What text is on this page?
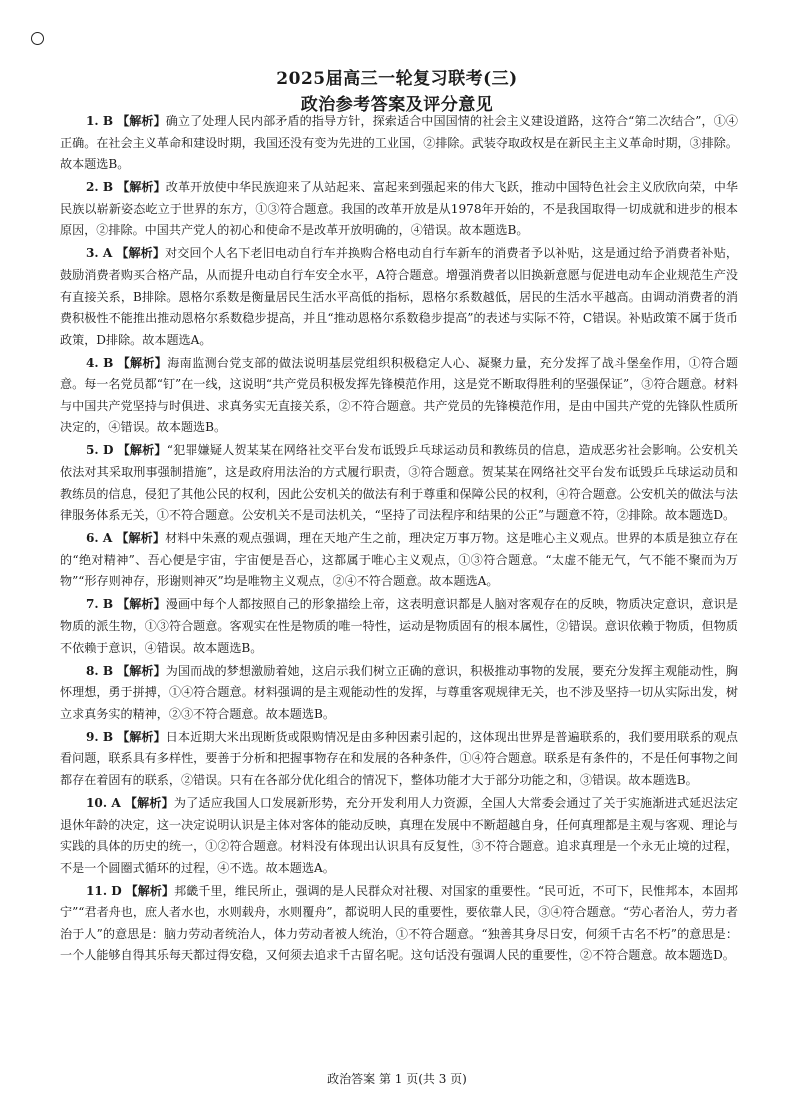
2025届高三一轮复习联考(三)
政治参考答案及评分意见

1. B 【解析】确立了处理人民内部矛盾的指导方针，探索适合中国国情的社会主义建设道路，这符合“第二次结合”，①④正确。在社会主义革命和建设时期，我国还没有变为先进的工业国，②排除。武装夺取政权是在新民主主义革命时期，③排除。故本题选B。

2. B 【解析】改革开放使中华民族迎来了从站起来、富起来到强起来的伟大飞跃，推动中国特色社会主义欣欣向荣，中华民族以崭新姿态屹立于世界的东方，①③符合题意。我国的改革开放是从1978年开始的，不是我国取得一切成就和进步的根本原因，②排除。中国共产党人的初心和使命不是改革开放明确的，④错误。故本题选B。

3. A 【解析】对交回个人名下老旧电动自行车并换购合格电动自行车新车的消费者予以补贴，这是通过给予消费者补贴，鼓励消费者购买合格产品，从而提升电动自行车安全水平，A符合题意。增强消费者以旧换新意愿与促进电动车企业规范生产没有直接关系，B排除。恩格尔系数是衡量居民生活水平高低的指标，恩格尔系数越低，居民的生活水平越高。由调动消费者的消费积极性不能推出推动恩格尔系数稳步提高，并且“推动恩格尔系数稳步提高”的表述与实际不符，C错误。补贴政策不属于货币政策，D排除。故本题选A。

4. B 【解析】海南监测台党支部的做法说明基层党组织积极稳定人心、凝聚力量，充分发挥了战斗堡垒作用，①符合题意。每一名党员都“钉”在一线，这说明“共产党员积极发挥先锋模范作用，这是党不断取得胜利的坚强保证”，③符合题意。材料与中国共产党坚持与时俱进、求真务实无直接关系，②不符合题意。共产党员的先锋模范作用，是由中国共产党的先锋队性质所决定的，④错误。故本题选B。

5. D 【解析】“犯罪嫌疑人贺某某在网络社交平台发布诋毁乒乓球运动员和教练员的信息，造成恶劣社会影响。公安机关依法对其采取刑事强制措施”，这是政府用法治的方式履行职责，③符合题意。贺某某在网络社交平台发布诋毁乒乓球运动员和教练员的信息，侵犯了其他公民的权利，因此公安机关的做法有利于尊重和保障公民的权利，④符合题意。公安机关的做法与法律服务体系无关，①不符合题意。公安机关不是司法机关，“坚持了司法程序和结果的公正”与题意不符，②排除。故本题选D。

6. A 【解析】材料中朱熹的观点强调，理在天地产生之前，理决定万事万物。这是唯心主义观点。世界的本质是独立存在的“绝对精神”、吾心便是宇宙，宇宙便是吾心，这都属于唯心主义观点，①③符合题意。“太虚不能无气，气不能不聚而为万物”“形存则神存，形谢则神灭”均是唯物主义观点，②④不符合题意。故本题选A。

7. B 【解析】漫画中每个人都按照自己的形象描绘上帝，这表明意识都是人脑对客观存在的反映，物质决定意识，意识是物质的派生物，①③符合题意。客观实在性是物质的唯一特性，运动是物质固有的根本属性，②错误。意识依赖于物质，但物质不依赖于意识，④错误。故本题选B。

8. B 【解析】为国而战的梦想激励着她，这启示我们树立正确的意识，积极推动事物的发展，要充分发挥主观能动性，胸怀理想，勇于拼搏，①④符合题意。材料强调的是主观能动性的发挥，与尊重客观规律无关，也不涉及坚持一切从实际出发，树立求真务实的精神，②③不符合题意。故本题选B。

9. B 【解析】日本近期大米出现断货或限购情况是由多种因素引起的，这体现出世界是普遍联系的，我们要用联系的观点看问题，联系具有多样性，要善于分析和把握事物存在和发展的各种条件，①④符合题意。联系是有条件的，不是任何事物之间都存在着固有的联系，②错误。只有在各部分优化组合的情况下，整体功能才大于部分功能之和，③错误。故本题选B。

10. A 【解析】为了适应我国人口发展新形势，充分开发利用人力资源，全国人大常委会通过了关于实施渐进式延迟法定退休年龄的决定，这一决定说明认识是主体对客体的能动反映，真理在发展中不断超越自身，任何真理都是主观与客观、理论与实践的具体的历史的统一，①②符合题意。材料没有体现出认识具有反复性，③不符合题意。追求真理是一个永无止境的过程，不是一个圆圈式循环的过程，④不选。故本题选A。

11. D 【解析】邦畿千里，维民所止，强调的是人民群众对社稷、对国家的重要性。“民可近，不可下，民惟邦本，本固邦宁”“君者舟也，庶人者水也，水则载舟，水则覆舟”，都说明人民的重要性，要依靠人民，③④符合题意。“劳心者治人，劳力者治于人”的意思是：脑力劳动者统治人，体力劳动者被人统治，①不符合题意。“独善其身尽日安，何须千古名不朽”的意思是：一个人能够自得其乐每天都过得安稳，又何须去追求千古留名呢。这句话没有强调人民的重要性，②不符合题意。故本题选D。

政治答案 第 1 页(共 3 页)
